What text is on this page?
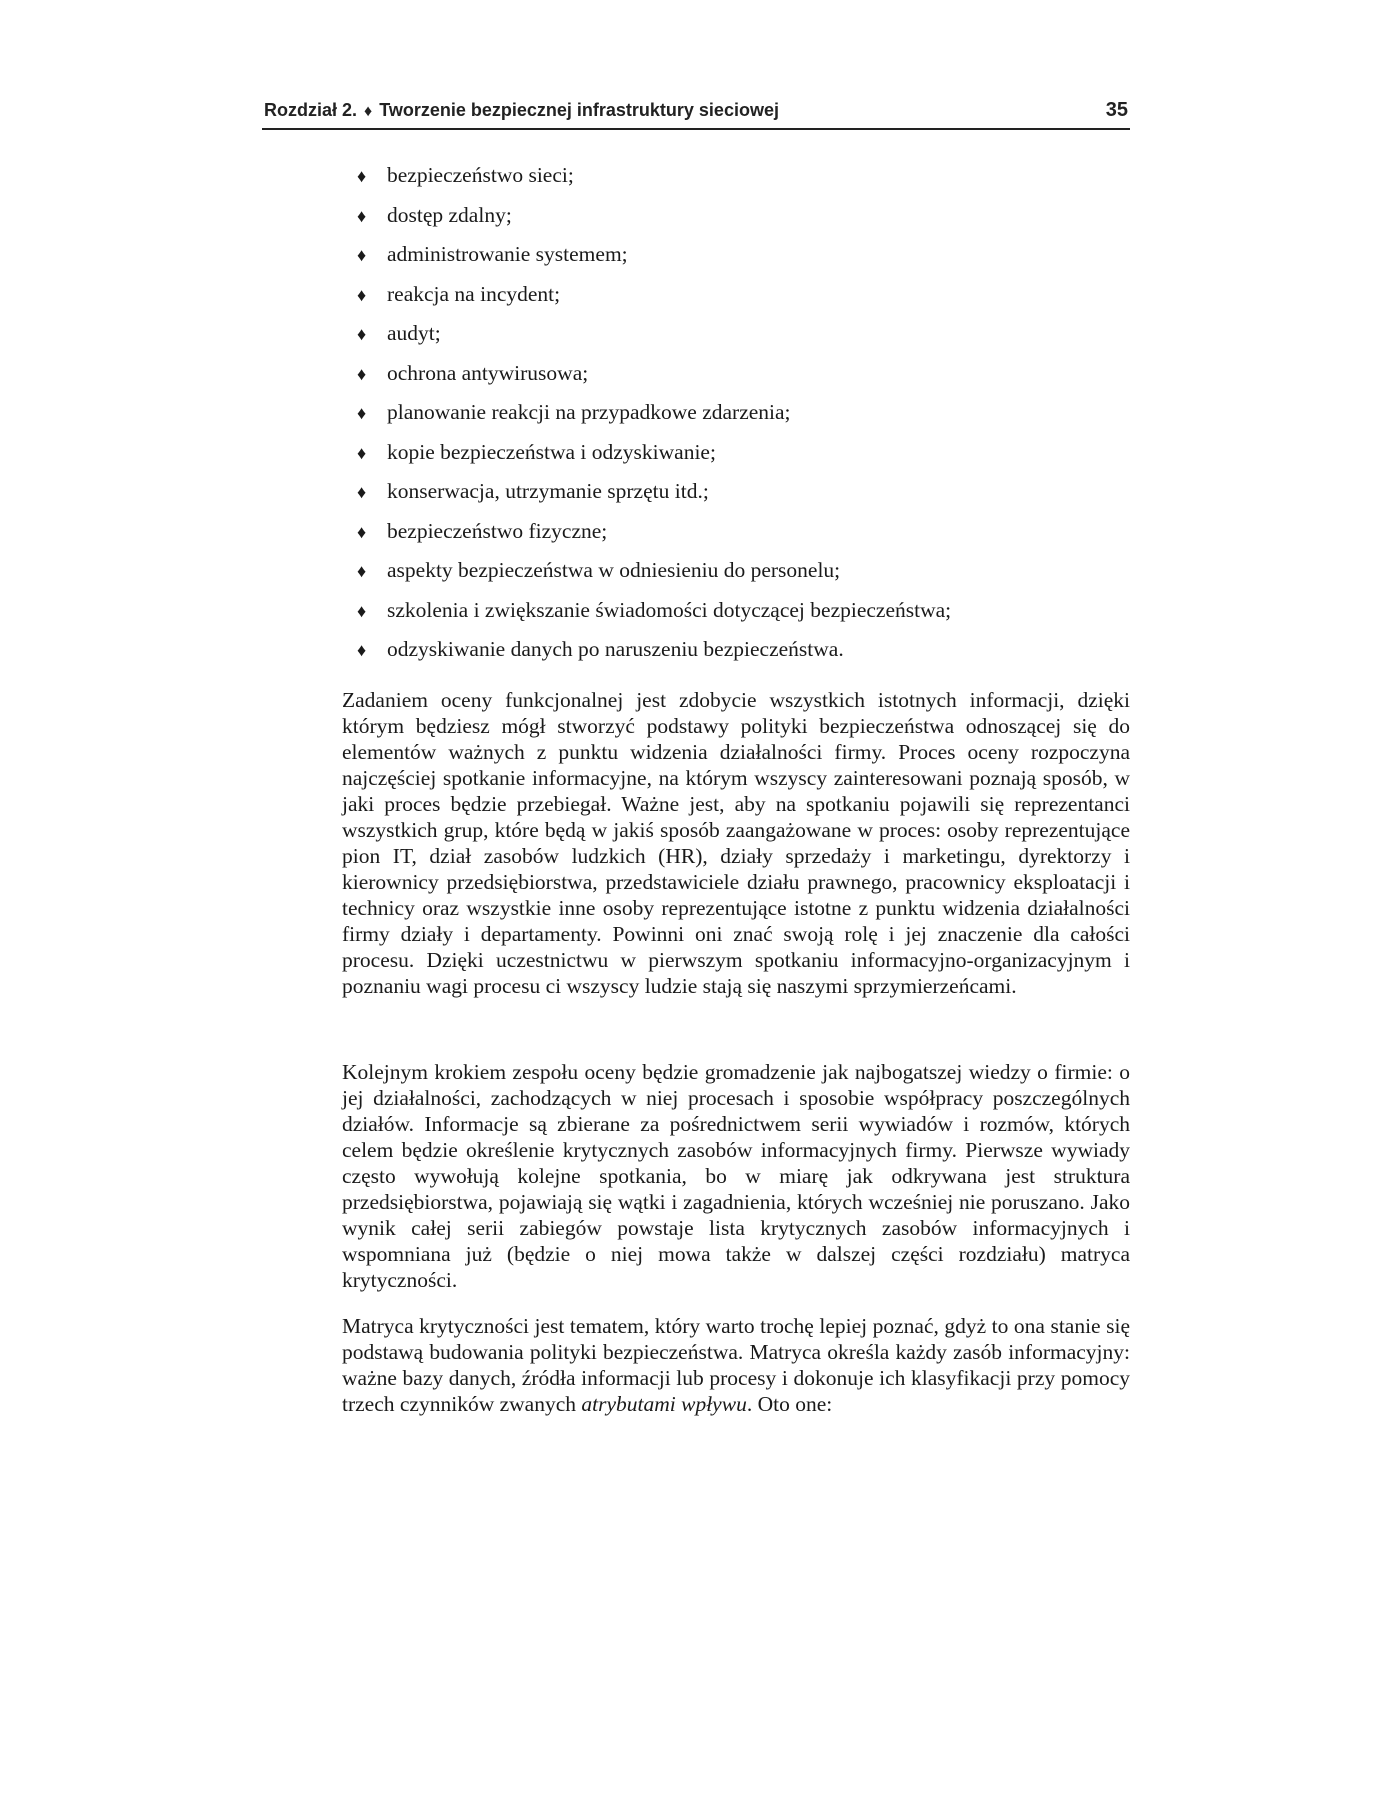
Rozdział 2. ♦ Tworzenie bezpiecznej infrastruktury sieciowej	35
♦ bezpieczeństwo sieci;
♦ dostęp zdalny;
♦ administrowanie systemem;
♦ reakcja na incydent;
♦ audyt;
♦ ochrona antywirusowa;
♦ planowanie reakcji na przypadkowe zdarzenia;
♦ kopie bezpieczeństwa i odzyskiwanie;
♦ konserwacja, utrzymanie sprzętu itd.;
♦ bezpieczeństwo fizyczne;
♦ aspekty bezpieczeństwa w odniesieniu do personelu;
♦ szkolenia i zwiększanie świadomości dotyczącej bezpieczeństwa;
♦ odzyskiwanie danych po naruszeniu bezpieczeństwa.

Zadaniem oceny funkcjonalnej jest zdobycie wszystkich istotnych informacji, dzięki którym będziesz mógł stworzyć podstawy polityki bezpieczeństwa odnoszącej się do elementów ważnych z punktu widzenia działalności firmy. Proces oceny rozpoczyna najczęściej spotkanie informacyjne, na którym wszyscy zainteresowani poznają sposób, w jaki proces będzie przebiegał. Ważne jest, aby na spotkaniu pojawili się reprezentanci wszystkich grup, które będą w jakiś sposób zaangażowane w proces: osoby reprezentujące pion IT, dział zasobów ludzkich (HR), działy sprzedaży i marketingu, dyrektorzy i kierownicy przedsiębiorstwa, przedstawiciele działu prawnego, pracownicy eksploatacji i technicy oraz wszystkie inne osoby reprezentujące istotne z punktu widzenia działalności firmy działy i departamenty. Powinni oni znać swoją rolę i jej znaczenie dla całości procesu. Dzięki uczestnictwu w pierwszym spotkaniu informacyjno-organizacyjnym i poznaniu wagi procesu ci wszyscy ludzie stają się naszymi sprzymierzeńcami.

Kolejnym krokiem zespołu oceny będzie gromadzenie jak najbogatszej wiedzy o firmie: o jej działalności, zachodzących w niej procesach i sposobie współpracy poszczególnych działów. Informacje są zbierane za pośrednictwem serii wywiadów i rozmów, których celem będzie określenie krytycznych zasobów informacyjnych firmy. Pierwsze wywiady często wywołują kolejne spotkania, bo w miarę jak odkrywana jest struktura przedsiębiorstwa, pojawiają się wątki i zagadnienia, których wcześniej nie poruszano. Jako wynik całej serii zabiegów powstaje lista krytycznych zasobów informacyjnych i wspomniana już (będzie o niej mowa także w dalszej części rozdziału) matryca krytyczności.

Matryca krytyczności jest tematem, który warto trochę lepiej poznać, gdyż to ona stanie się podstawą budowania polityki bezpieczeństwa. Matryca określa każdy zasób informacyjny: ważne bazy danych, źródła informacji lub procesy i dokonuje ich klasyfikacji przy pomocy trzech czynników zwanych atrybutami wpływu. Oto one:
